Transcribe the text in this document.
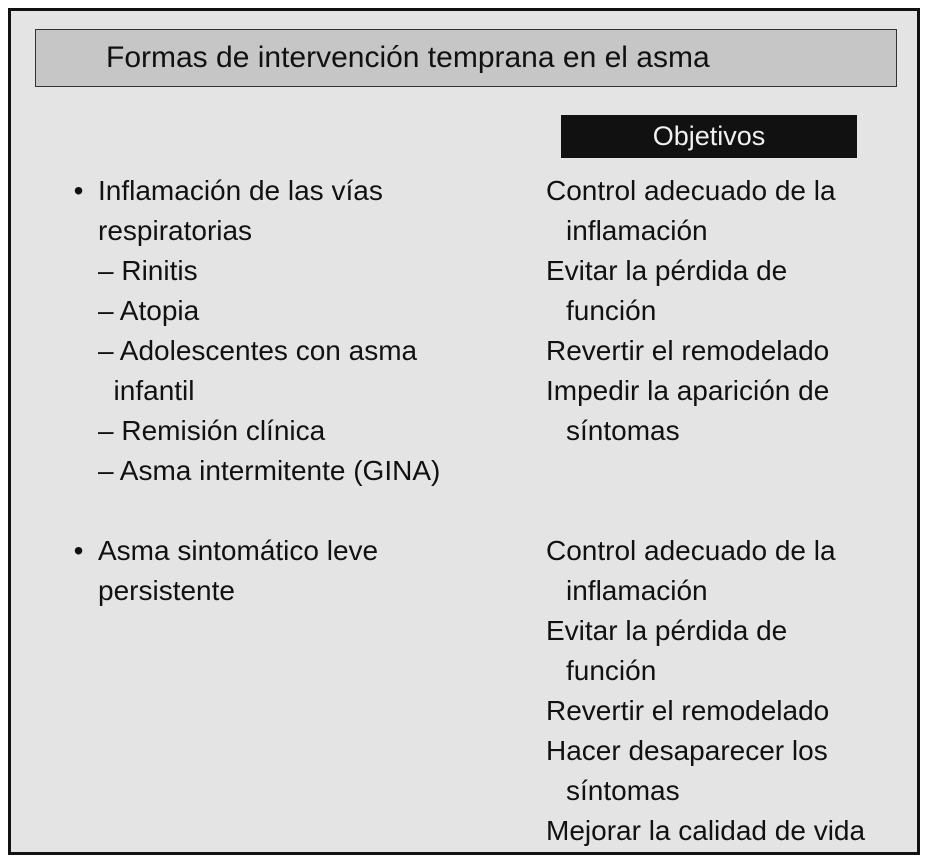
Formas de intervención temprana en el asma
Objetivos
• Inflamación de las vías
respiratorias
– Rinitis
– Atopia
– Adolescentes con asma
infantil
– Remisión clínica
– Asma intermitente (GINA)
Control adecuado de la
inflamación
Evitar la pérdida de
función
Revertir el remodelado
Impedir la aparición de
síntomas
• Asma sintomático leve
persistente
Control adecuado de la
inflamación
Evitar la pérdida de
función
Revertir el remodelado
Hacer desaparecer los
síntomas
Mejorar la calidad de vida
